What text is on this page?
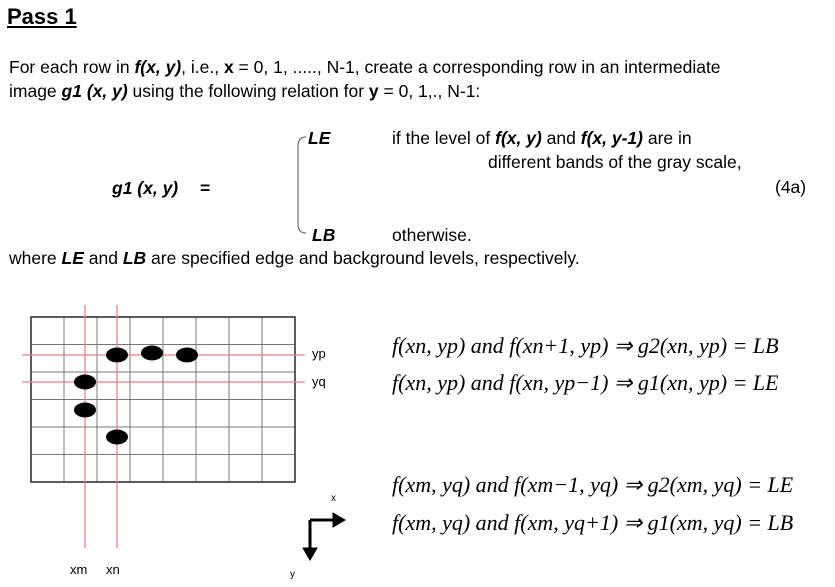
Pass 1
For each row in f(x, y), i.e., x = 0, 1, ....., N-1, create a corresponding row in an intermediate
image g1 (x, y) using the following relation for y = 0, 1,., N-1:
g1 (x, y) =
LE	if the level of f(x, y) and f(x, y-1) are in
different bands of the gray scale,
(4a)
LB	otherwise.
where LE and LB are specified edge and background levels, respectively.
yp
yq
xm xn
x
y
f(xn, yp) and f(xn+1, yp) ⇒ g2(xn, yp) = LB
f(xn, yp) and f(xn, yp−1) ⇒ g1(xn, yp) = LE
f(xm, yq) and f(xm−1, yq) ⇒ g2(xm, yq) = LE
f(xm, yq) and f(xm, yq+1) ⇒ g1(xm, yq) = LB
